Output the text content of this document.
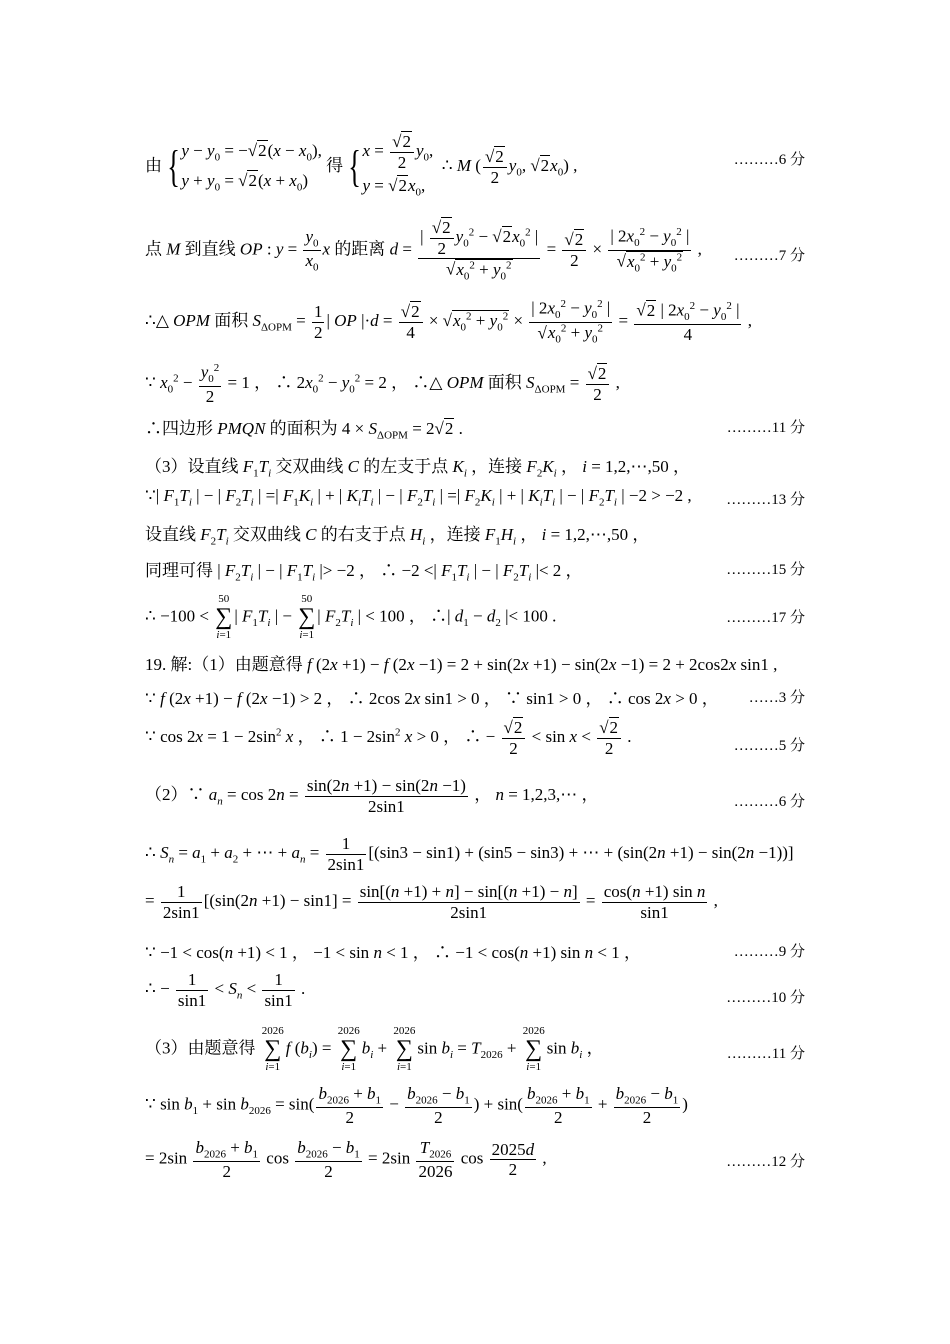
由 {$y - y_0 = -√2(x - x_0)$,
$y + y_0 = √2(x + x_0)$ 得 {$x = \frac{√2}{2} y_0$,
$y = √2x_0$,  ∴ M ( $\frac{√2}{2} y_0$, $√2x_0$) ,	………6 分
点 M 到直线 OP : $y = \frac{y_0}{x_0}$ x 的距离 $d = \frac{| \frac{√2}{2} y_0^2 - √2x_0^2 |}{√x_0^2 + y_0^2} = \frac{√2}{2} \times \frac{| 2x_0^2 - y_0^2 |}{√x_0^2 + y_0^2}$ ,	………7 分
∴△ OPM 面积 $S_{\Delta OPM} = \frac{1}{2}$ | OP $|\cdot d = \frac{√2}{4} \times √x_0^2 + y_0^2 \times \frac{| 2x_0^2 - y_0^2 |}{√x_0^2 + y_0^2} = \frac{√2 | 2x_0^2 - y_0^2 |}{4}$ ,
∵ $x_0^2 - \frac{y_0^2}{2} = 1$ ， ∴ $2x_0^2 - y_0^2 = 2$ ， ∴△ OPM 面积 $S_{\Delta OPM} = \frac{√2}{2}$ ,
∴四边形 PMQN 的面积为 $4 \times S_{\Delta OPM} = 2√2$ .	………11 分
（3）设直线 $F_1T_i$ 交双曲线 C 的左支于点 $K_i$ ，连接 $F_2K_i$ ， i = 1,2,⋯,50 ，
∵| $F_1T_i$ | − | $F_2T_i$ | =| $F_1K_i$ | + | $K_iT_i$ | − | $F_2T_i$ | =| $F_2K_i$ | + | $K_iT_i$ | − | $F_2T_i$ | −2 > −2 ,	………13 分
设直线 $F_2T_i$ 交双曲线 C 的右支于点 $H_i$ ，连接 $F_1H_i$ ， i = 1,2,⋯,50 ，
同理可得 | $F_2T_i$ | − | $F_1T_i$ |> −2 ， ∴ −2 <| $F_1T_i$ | − | $F_2T_i$ |< 2 ，	………15 分
∴ −100 < 50
∑
i=1| $F_1T_i$ | − 50
∑
i=1| $F_2T_i$ | < 100 ， ∴| $d_1 - d_2$ |< 100 .	………17 分
19. 解:（1）由题意得 f (2x +1) − f (2x −1) = 2 + sin(2x +1) − sin(2x −1) = 2 + 2cos2x sin1 ,
∵ f (2x +1) − f (2x −1) > 2 ， ∴ 2cos 2x sin1 > 0 ， ∵ sin1 > 0 ， ∴ cos 2x > 0 ，	……3 分
∵ $\cos 2x = 1 - 2\sin^2$ x ， ∴ $1 - 2\sin^2$ x > 0 ， ∴ − $\frac{√2}{2} < \sin x < \frac{√2}{2}$ .
………5 分
（2）∵ $a_n = \cos 2n = \frac{\sin(2n +1) - \sin(2n -1)}{2\sin 1}$ ， n = 1,2,3,⋯ ，	………6 分
∴ $S_n = a_1 + a_2$ + ⋯ + $a_n = \frac{1}{2\sin 1} [(\sin 3 - \sin 1) + (\sin 5 - \sin 3)$ + ⋯ + (sin(2n +1) − sin(2n −1))]
= $\frac{1}{2\sin 1} [(\sin(2n +1) - \sin 1] = \frac{\sin[(n +1) + n] - \sin[(n +1) - n]}{2\sin 1} = \frac{\text{cos(n +1) sin n}}{\sin 1}$ ,
∵ −1 < cos(n +1) < 1 ， −1 < sin n < 1 ， ∴ −1 < cos(n +1) sin n < 1 ，	………9 分
∴ − $\frac{1}{\sin 1} < S_n < \frac{1}{\sin 1}$ .
………10 分
（3）由题意得 2026
∑
i=1f $(b_i) = 2026$
∑
$i=1b_i + 2026$
∑
i=1sin $b_i = T_{2026} + 2026$
∑
i=1sin $b_i$ ，	………11 分
∵ $\sin b_1 + \sin b_{2026} = \sin( \frac{b_{2026} + b_1}{2} - \frac{b_{2026} - b_1}{2}$ ) + $\sin( \frac{b_{2026} + b_1}{2} + \frac{b_{2026} - b_1}{2}$ )
= $2\sin \frac{b_{2026} + b_1}{2}$ $\cos \frac{b_{2026} - b_1}{2} = 2\sin \frac{T_{2026}}{2026}$ $\cos \frac{2025d}{2}$ ,	………12 分
